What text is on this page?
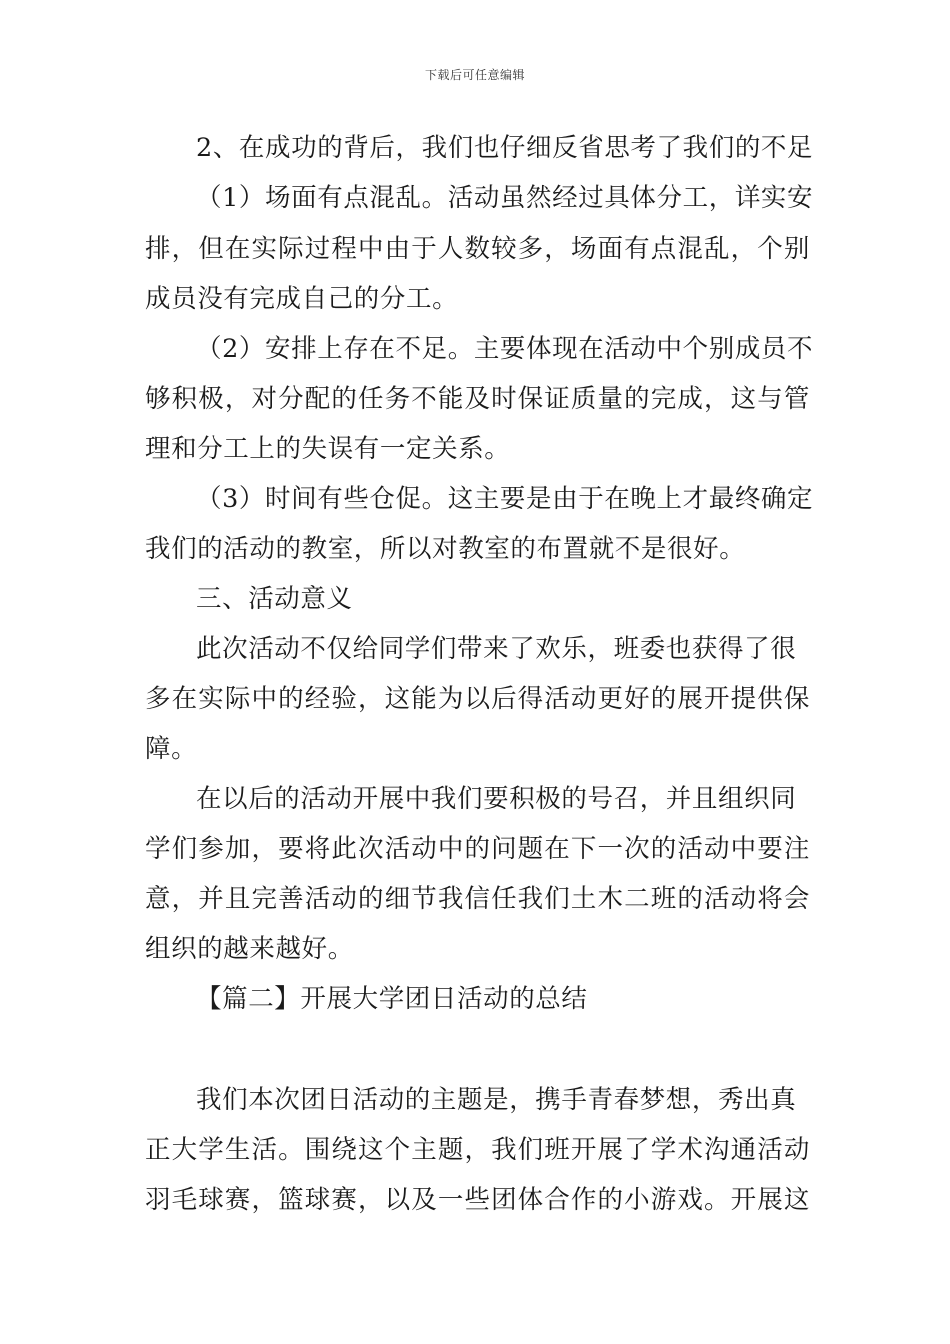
下载后可任意编辑
2、在成功的背后，我们也仔细反省思考了我们的不足
（1）场面有点混乱。活动虽然经过具体分工，详实安
排，但在实际过程中由于人数较多，场面有点混乱，个别
成员没有完成自己的分工。
（2）安排上存在不足。主要体现在活动中个别成员不
够积极，对分配的任务不能及时保证质量的完成，这与管
理和分工上的失误有一定关系。
（3）时间有些仓促。这主要是由于在晚上才最终确定
我们的活动的教室，所以对教室的布置就不是很好。
三、活动意义
此次活动不仅给同学们带来了欢乐，班委也获得了很
多在实际中的经验，这能为以后得活动更好的展开提供保
障。
在以后的活动开展中我们要积极的号召，并且组织同
学们参加，要将此次活动中的问题在下一次的活动中要注
意，并且完善活动的细节我信任我们土木二班的活动将会
组织的越来越好。
【篇二】开展大学团日活动的总结
我们本次团日活动的主题是，携手青春梦想，秀出真
正大学生活。围绕这个主题，我们班开展了学术沟通活动
羽毛球赛，篮球赛，以及一些团体合作的小游戏。开展这
